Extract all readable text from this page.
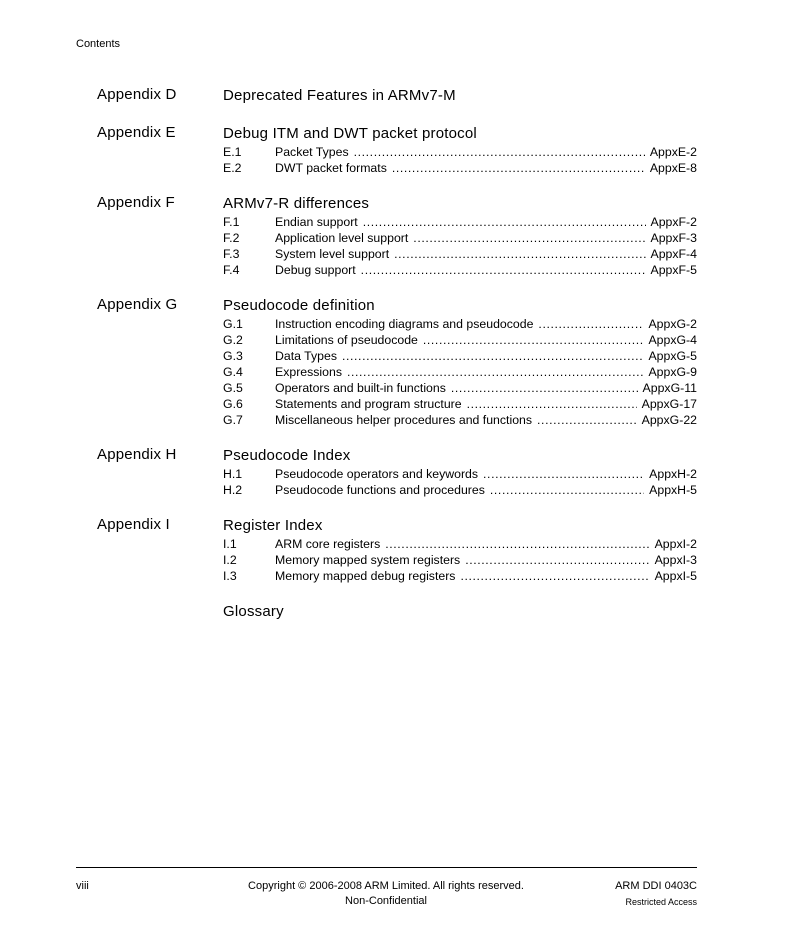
Contents
Appendix D	Deprecated Features in ARMv7-M
Appendix E	Debug ITM and DWT packet protocol
E.1	Packet Types .....	AppxE-2
E.2	DWT packet formats .....	AppxE-8
Appendix F	ARMv7-R differences
F.1	Endian support .....	AppxF-2
F.2	Application level support .....	AppxF-3
F.3	System level support .....	AppxF-4
F.4	Debug support .....	AppxF-5
Appendix G	Pseudocode definition
G.1	Instruction encoding diagrams and pseudocode .....	AppxG-2
G.2	Limitations of pseudocode .....	AppxG-4
G.3	Data Types .....	AppxG-5
G.4	Expressions .....	AppxG-9
G.5	Operators and built-in functions .....	AppxG-11
G.6	Statements and program structure .....	AppxG-17
G.7	Miscellaneous helper procedures and functions .....	AppxG-22
Appendix H	Pseudocode Index
H.1	Pseudocode operators and keywords .....	AppxH-2
H.2	Pseudocode functions and procedures .....	AppxH-5
Appendix I	Register Index
I.1	ARM core registers .....	AppxI-2
I.2	Memory mapped system registers .....	AppxI-3
I.3	Memory mapped debug registers .....	AppxI-5
Glossary
viii	Copyright © 2006-2008 ARM Limited. All rights reserved.
Non-Confidential
ARM DDI 0403C
Restricted Access
